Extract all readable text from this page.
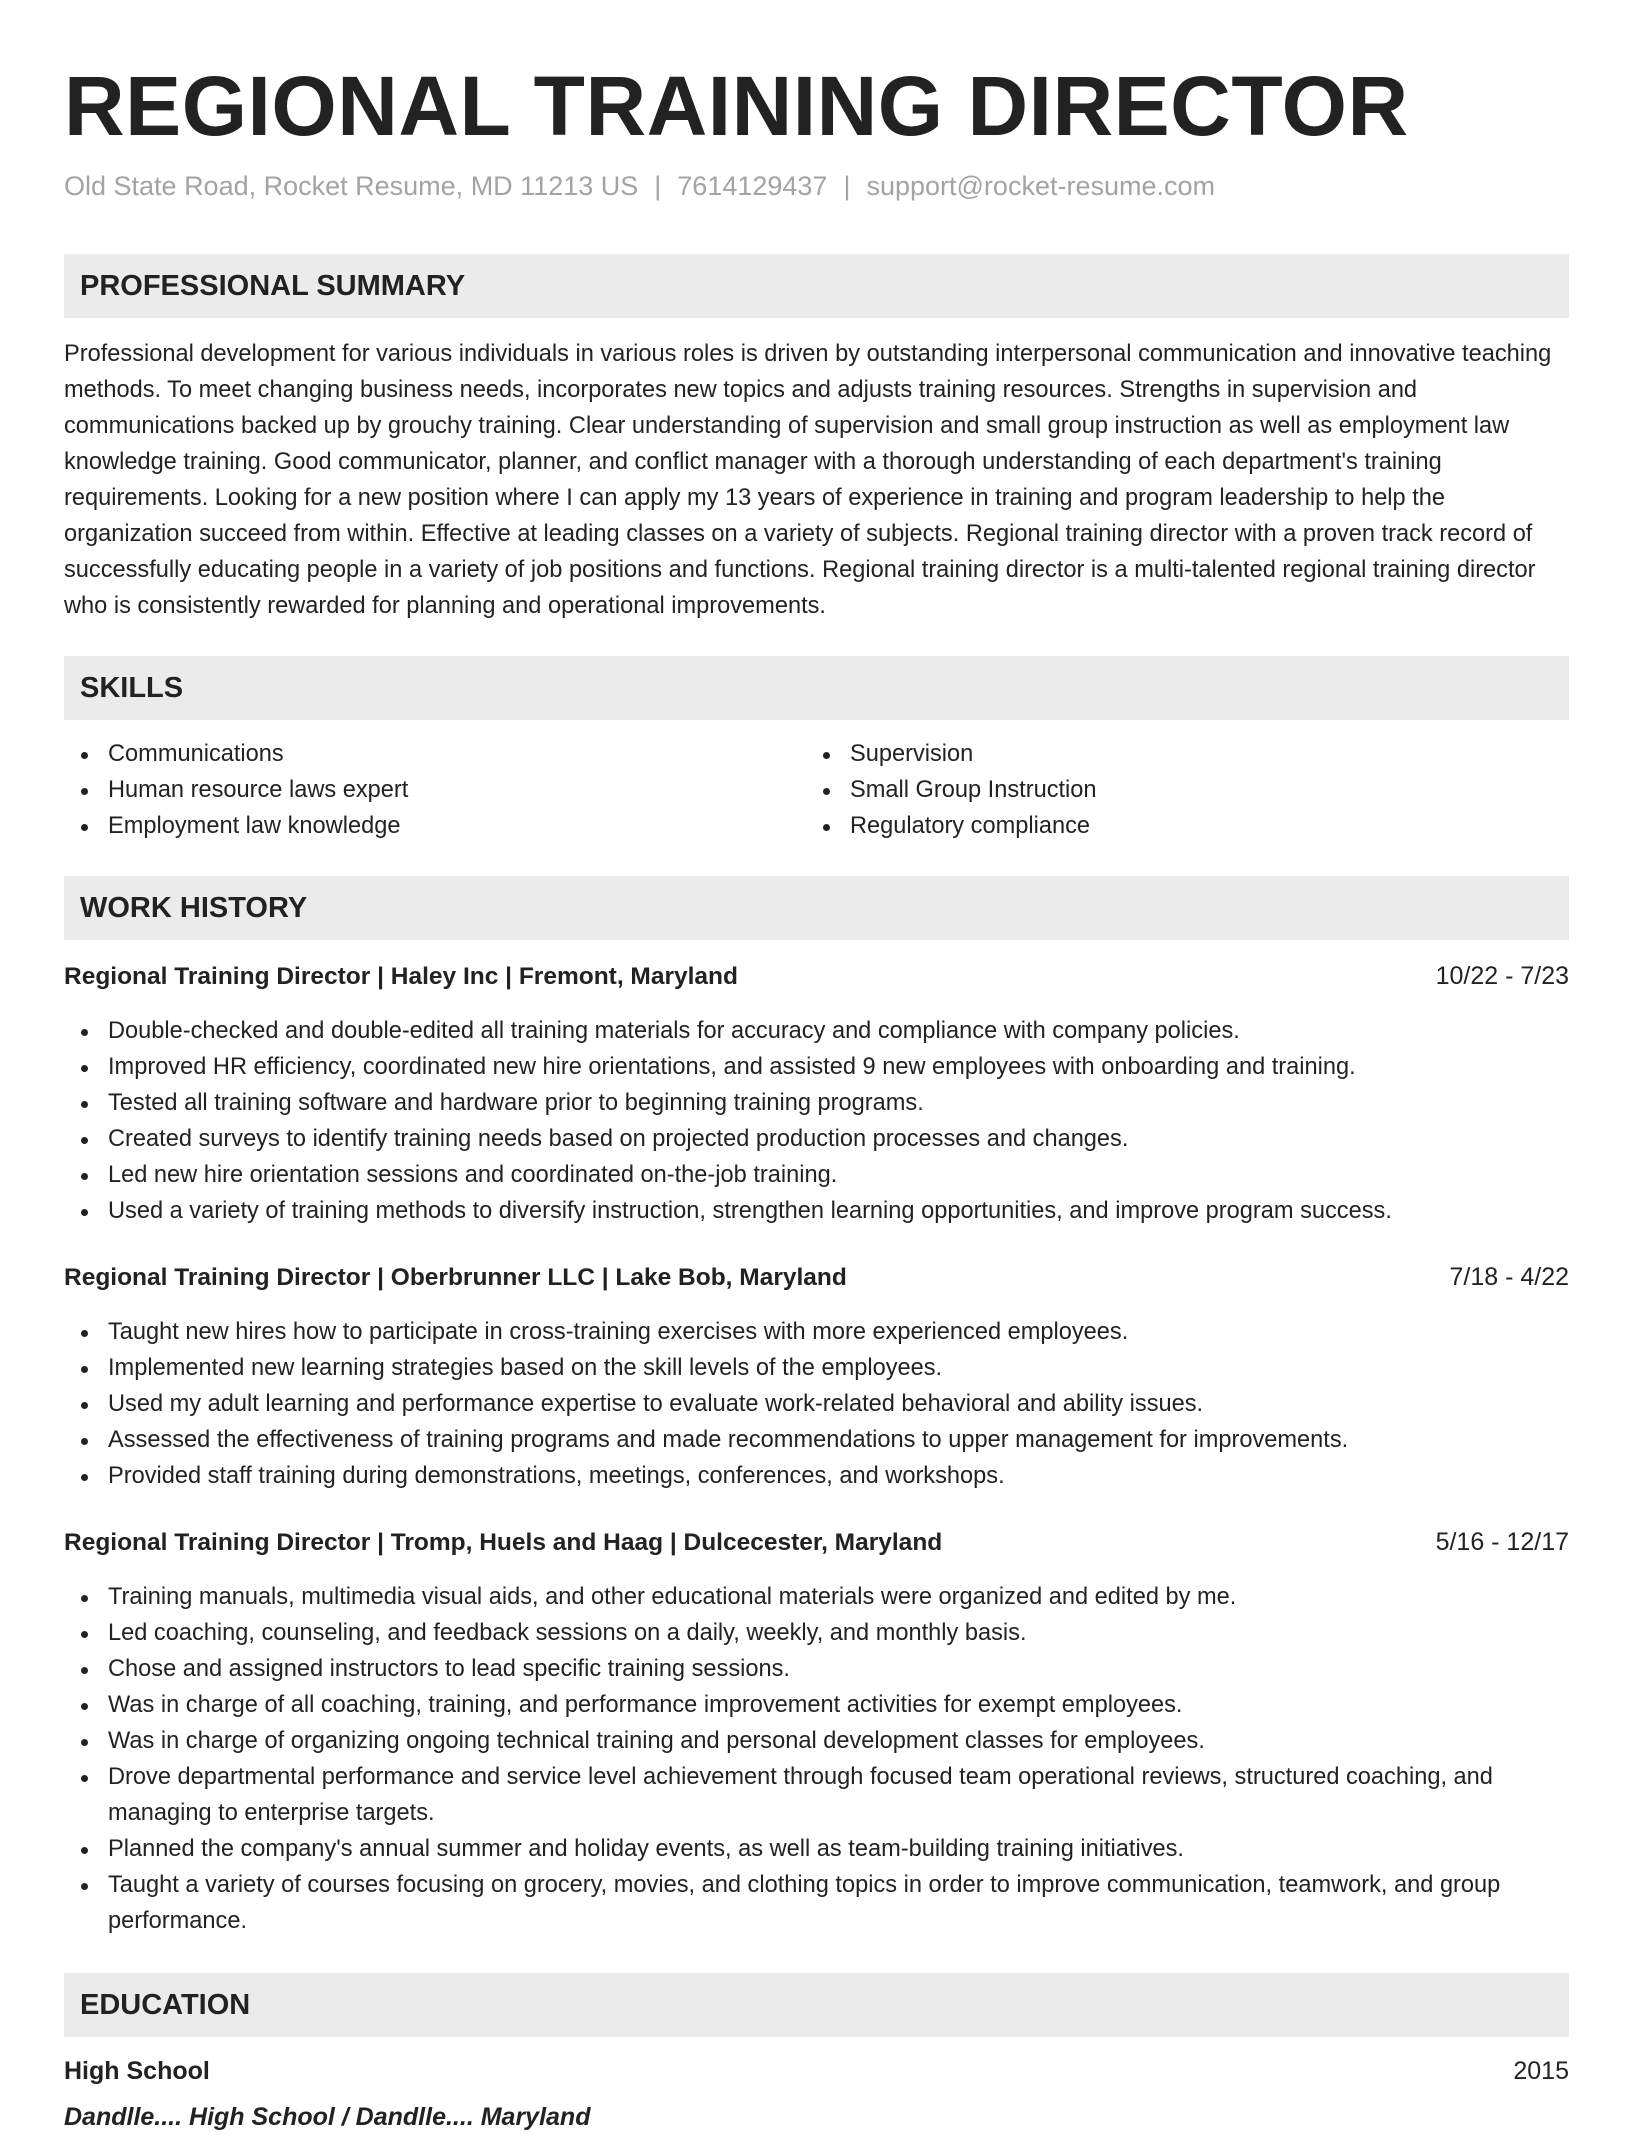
REGIONAL TRAINING DIRECTOR
Old State Road, Rocket Resume, MD 11213 US | 7614129437 | support@rocket-resume.com
PROFESSIONAL SUMMARY
Professional development for various individuals in various roles is driven by outstanding interpersonal communication and innovative teaching methods. To meet changing business needs, incorporates new topics and adjusts training resources. Strengths in supervision and communications backed up by grouchy training. Clear understanding of supervision and small group instruction as well as employment law knowledge training. Good communicator, planner, and conflict manager with a thorough understanding of each department's training requirements. Looking for a new position where I can apply my 13 years of experience in training and program leadership to help the organization succeed from within. Effective at leading classes on a variety of subjects. Regional training director with a proven track record of successfully educating people in a variety of job positions and functions. Regional training director is a multi-talented regional training director who is consistently rewarded for planning and operational improvements.
SKILLS
Communications
Human resource laws expert
Employment law knowledge
Supervision
Small Group Instruction
Regulatory compliance
WORK HISTORY
Regional Training Director | Haley Inc | Fremont, Maryland	10/22 - 7/23
Double-checked and double-edited all training materials for accuracy and compliance with company policies.
Improved HR efficiency, coordinated new hire orientations, and assisted 9 new employees with onboarding and training.
Tested all training software and hardware prior to beginning training programs.
Created surveys to identify training needs based on projected production processes and changes.
Led new hire orientation sessions and coordinated on-the-job training.
Used a variety of training methods to diversify instruction, strengthen learning opportunities, and improve program success.
Regional Training Director | Oberbrunner LLC | Lake Bob, Maryland	7/18 - 4/22
Taught new hires how to participate in cross-training exercises with more experienced employees.
Implemented new learning strategies based on the skill levels of the employees.
Used my adult learning and performance expertise to evaluate work-related behavioral and ability issues.
Assessed the effectiveness of training programs and made recommendations to upper management for improvements.
Provided staff training during demonstrations, meetings, conferences, and workshops.
Regional Training Director | Tromp, Huels and Haag | Dulcecester, Maryland	5/16 - 12/17
Training manuals, multimedia visual aids, and other educational materials were organized and edited by me.
Led coaching, counseling, and feedback sessions on a daily, weekly, and monthly basis.
Chose and assigned instructors to lead specific training sessions.
Was in charge of all coaching, training, and performance improvement activities for exempt employees.
Was in charge of organizing ongoing technical training and personal development classes for employees.
Drove departmental performance and service level achievement through focused team operational reviews, structured coaching, and managing to enterprise targets.
Planned the company's annual summer and holiday events, as well as team-building training initiatives.
Taught a variety of courses focusing on grocery, movies, and clothing topics in order to improve communication, teamwork, and group performance.
EDUCATION
High School	2015
Dandlle.... High School / Dandlle.... Maryland
